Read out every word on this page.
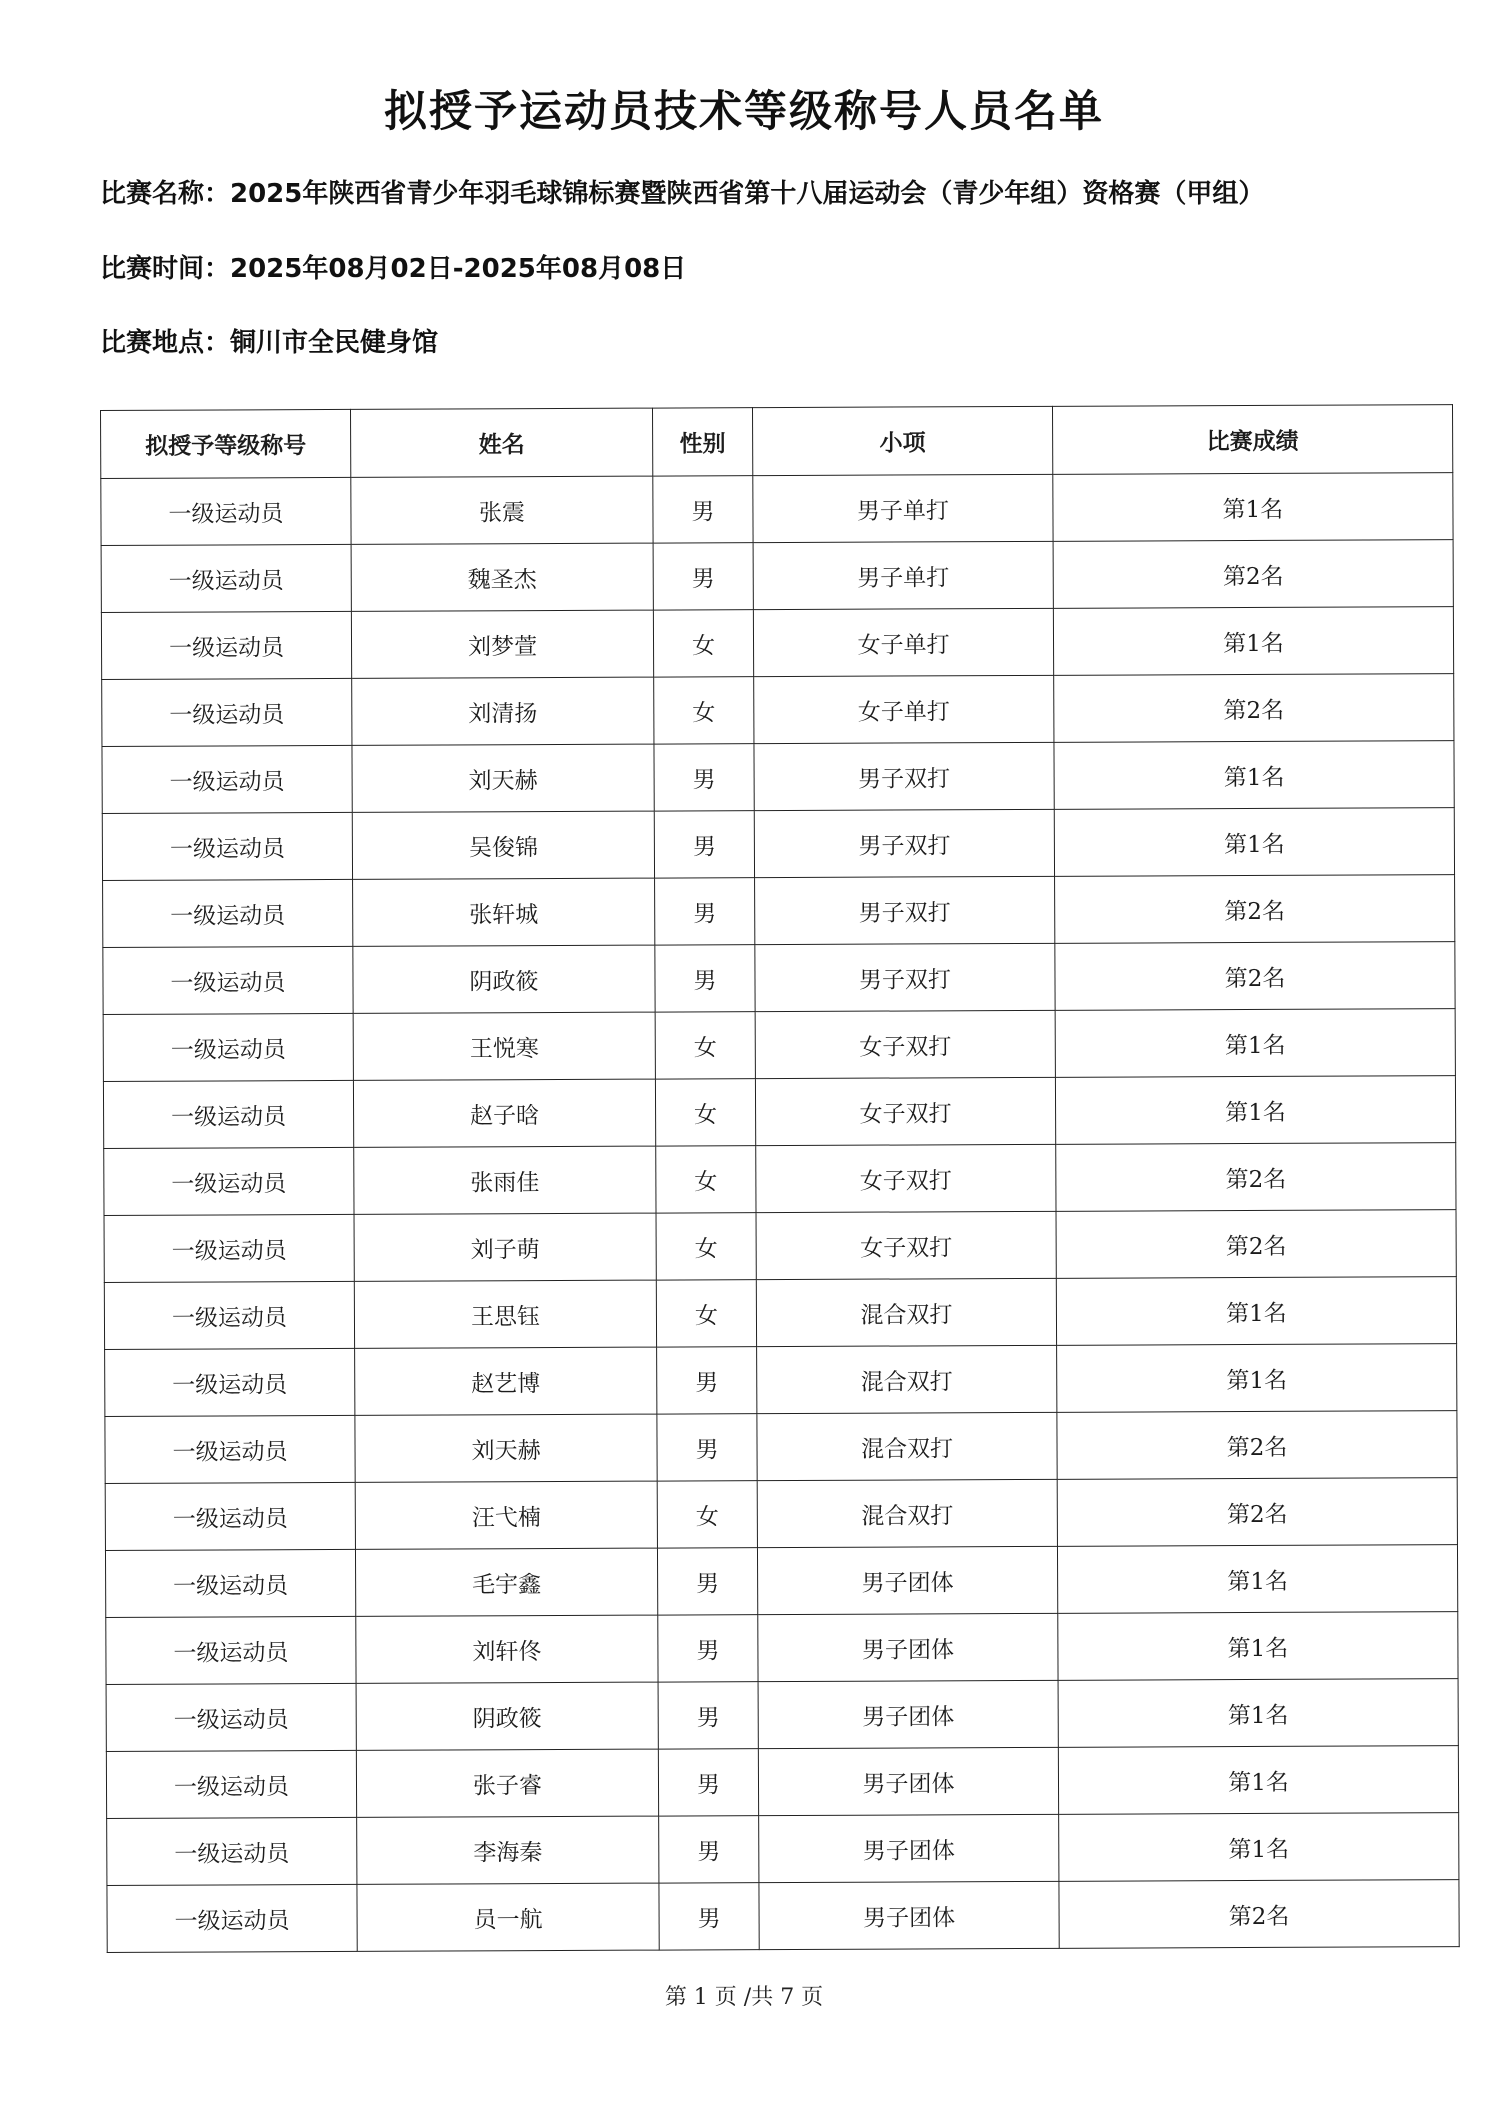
拟授予运动员技术等级称号人员名单
比赛名称：2025年陕西省青少年羽毛球锦标赛暨陕西省第十八届运动会（青少年组）资格赛（甲组）
比赛时间：2025年08月02日-2025年08月08日
比赛地点：铜川市全民健身馆
拟授予等级称号	姓名	性别	小项	比赛成绩
一级运动员	张震	男	男子单打	第1名
一级运动员	魏圣杰	男	男子单打	第2名
一级运动员	刘梦萱	女	女子单打	第1名
一级运动员	刘清扬	女	女子单打	第2名
一级运动员	刘天赫	男	男子双打	第1名
一级运动员	吴俊锦	男	男子双打	第1名
一级运动员	张轩城	男	男子双打	第2名
一级运动员	阴政筱	男	男子双打	第2名
一级运动员	王悦寒	女	女子双打	第1名
一级运动员	赵子晗	女	女子双打	第1名
一级运动员	张雨佳	女	女子双打	第2名
一级运动员	刘子萌	女	女子双打	第2名
一级运动员	王思钰	女	混合双打	第1名
一级运动员	赵艺博	男	混合双打	第1名
一级运动员	刘天赫	男	混合双打	第2名
一级运动员	汪弋楠	女	混合双打	第2名
一级运动员	毛宇鑫	男	男子团体	第1名
一级运动员	刘轩佟	男	男子团体	第1名
一级运动员	阴政筱	男	男子团体	第1名
一级运动员	张子睿	男	男子团体	第1名
一级运动员	李海秦	男	男子团体	第1名
一级运动员	员一航	男	男子团体	第2名
第 1 页 /共 7 页
